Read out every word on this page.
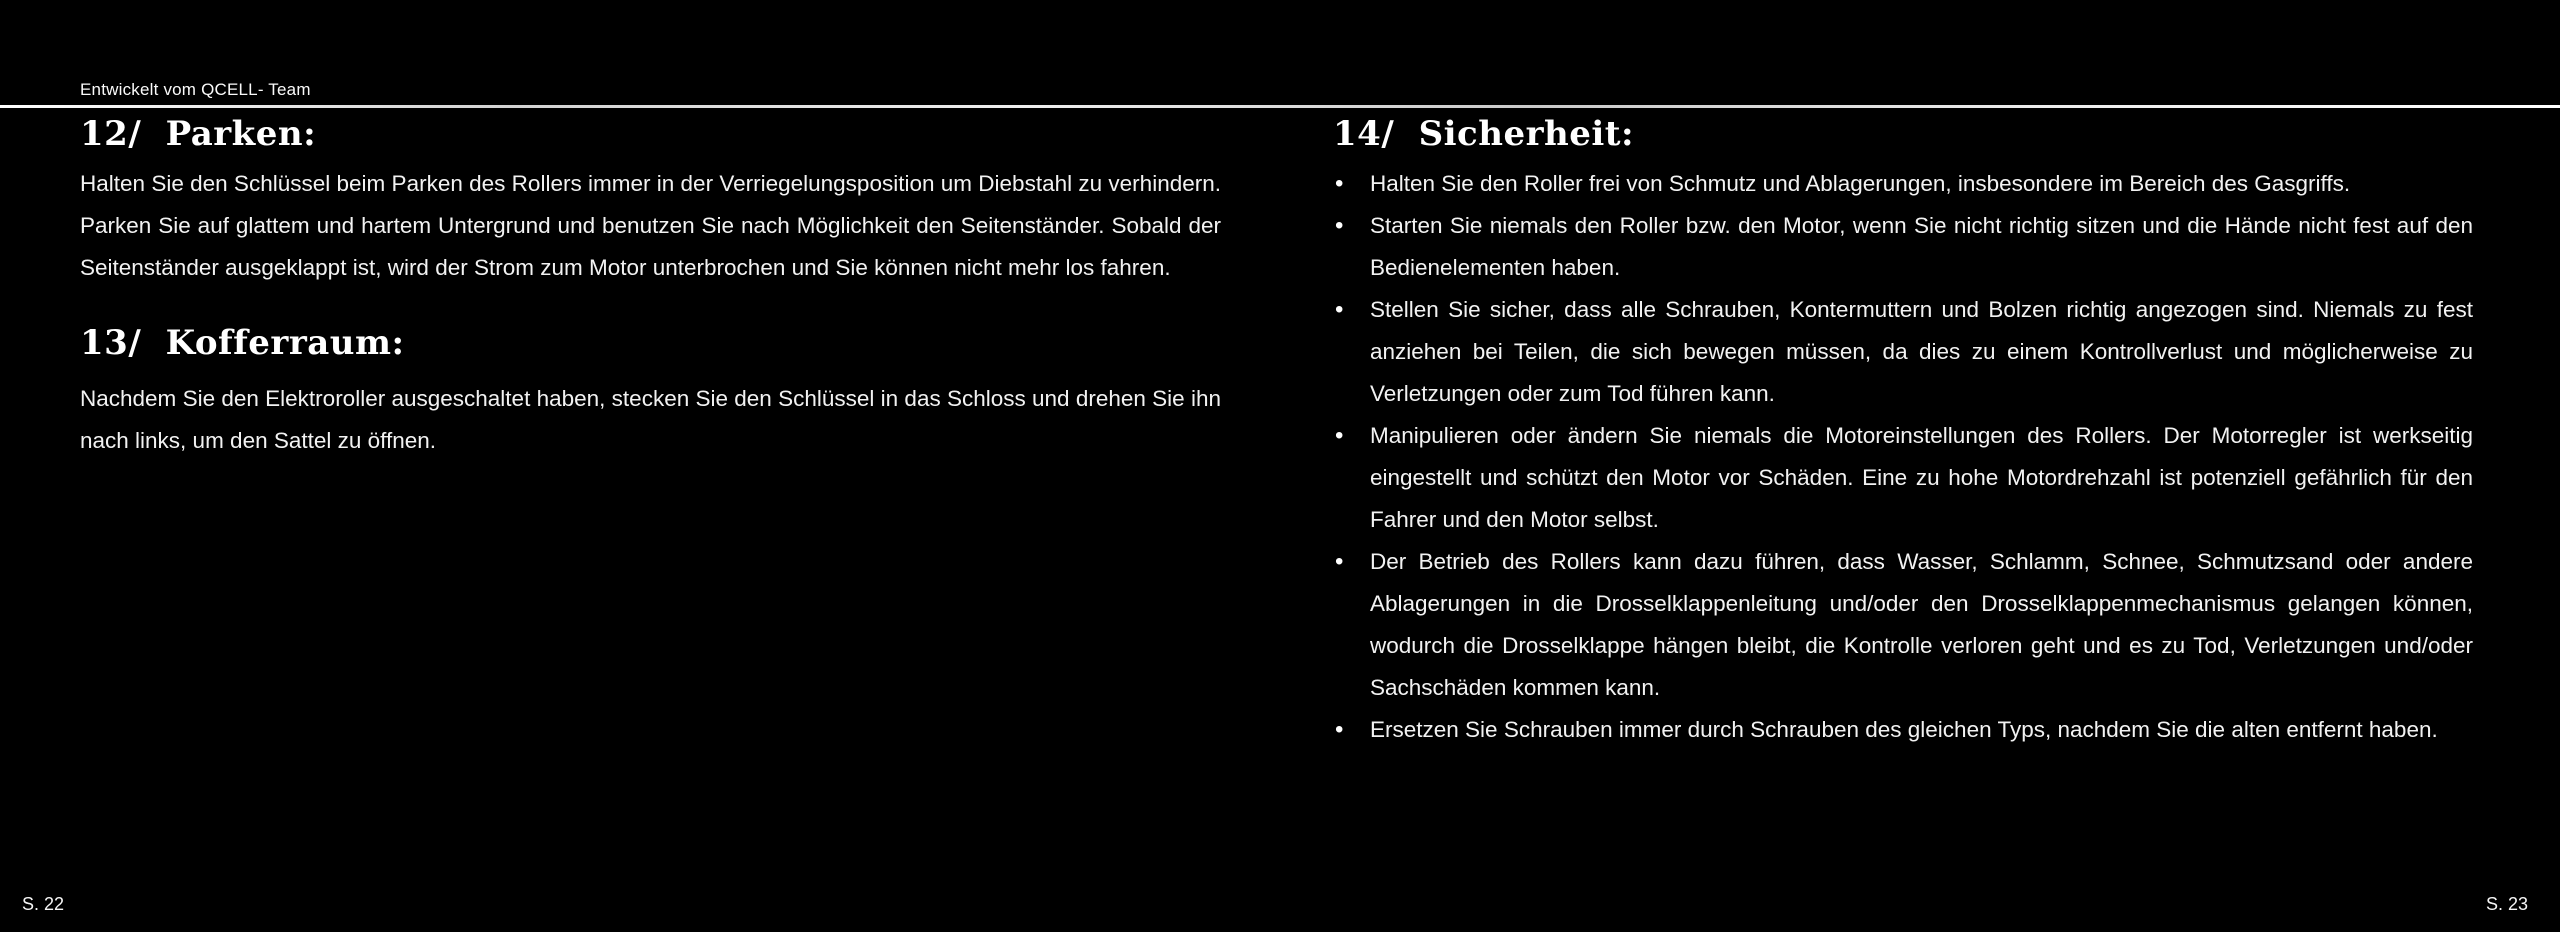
Entwickelt vom QCELL- Team
12/ Parken:

Halten Sie den Schlüssel beim Parken des Rollers immer in der Verriegelungsposition um Diebstahl zu verhindern. Parken Sie auf glattem und hartem Untergrund und benutzen Sie nach Möglichkeit den Seitenständer. Sobald der Seitenständer ausgeklappt ist, wird der Strom zum Motor unterbrochen und Sie können nicht mehr los fahren.

13/ Kofferraum:

Nachdem Sie den Elektroroller ausgeschaltet haben, stecken Sie den Schlüssel in das Schloss und drehen Sie ihn nach links, um den Sattel zu öffnen.

14/ Sicherheit:
• Halten Sie den Roller frei von Schmutz und Ablagerungen, insbesondere im Bereich des Gasgriffs.
• Starten Sie niemals den Roller bzw. den Motor, wenn Sie nicht richtig sitzen und die Hände nicht fest auf den Bedienelementen haben.
• Stellen Sie sicher, dass alle Schrauben, Kontermuttern und Bolzen richtig angezogen sind. Niemals zu fest anziehen bei Teilen, die sich bewegen müssen, da dies zu einem Kontrollverlust und möglicherweise zu Verletzungen oder zum Tod führen kann.
• Manipulieren oder ändern Sie niemals die Motoreinstellungen des Rollers. Der Motorregler ist werkseitig eingestellt und schützt den Motor vor Schäden. Eine zu hohe Motordrehzahl ist potenziell gefährlich für den Fahrer und den Motor selbst.
• Der Betrieb des Rollers kann dazu führen, dass Wasser, Schlamm, Schnee, Schmutzsand oder andere Ablagerungen in die Drosselklappenleitung und/oder den Drosselklappenmechanismus gelangen können, wodurch die Drosselklappe hängen bleibt, die Kontrolle verloren geht und es zu Tod, Verletzungen und/oder Sachschäden kommen kann.
• Ersetzen Sie Schrauben immer durch Schrauben des gleichen Typs, nachdem Sie die alten entfernt haben.
S. 22	S. 23
